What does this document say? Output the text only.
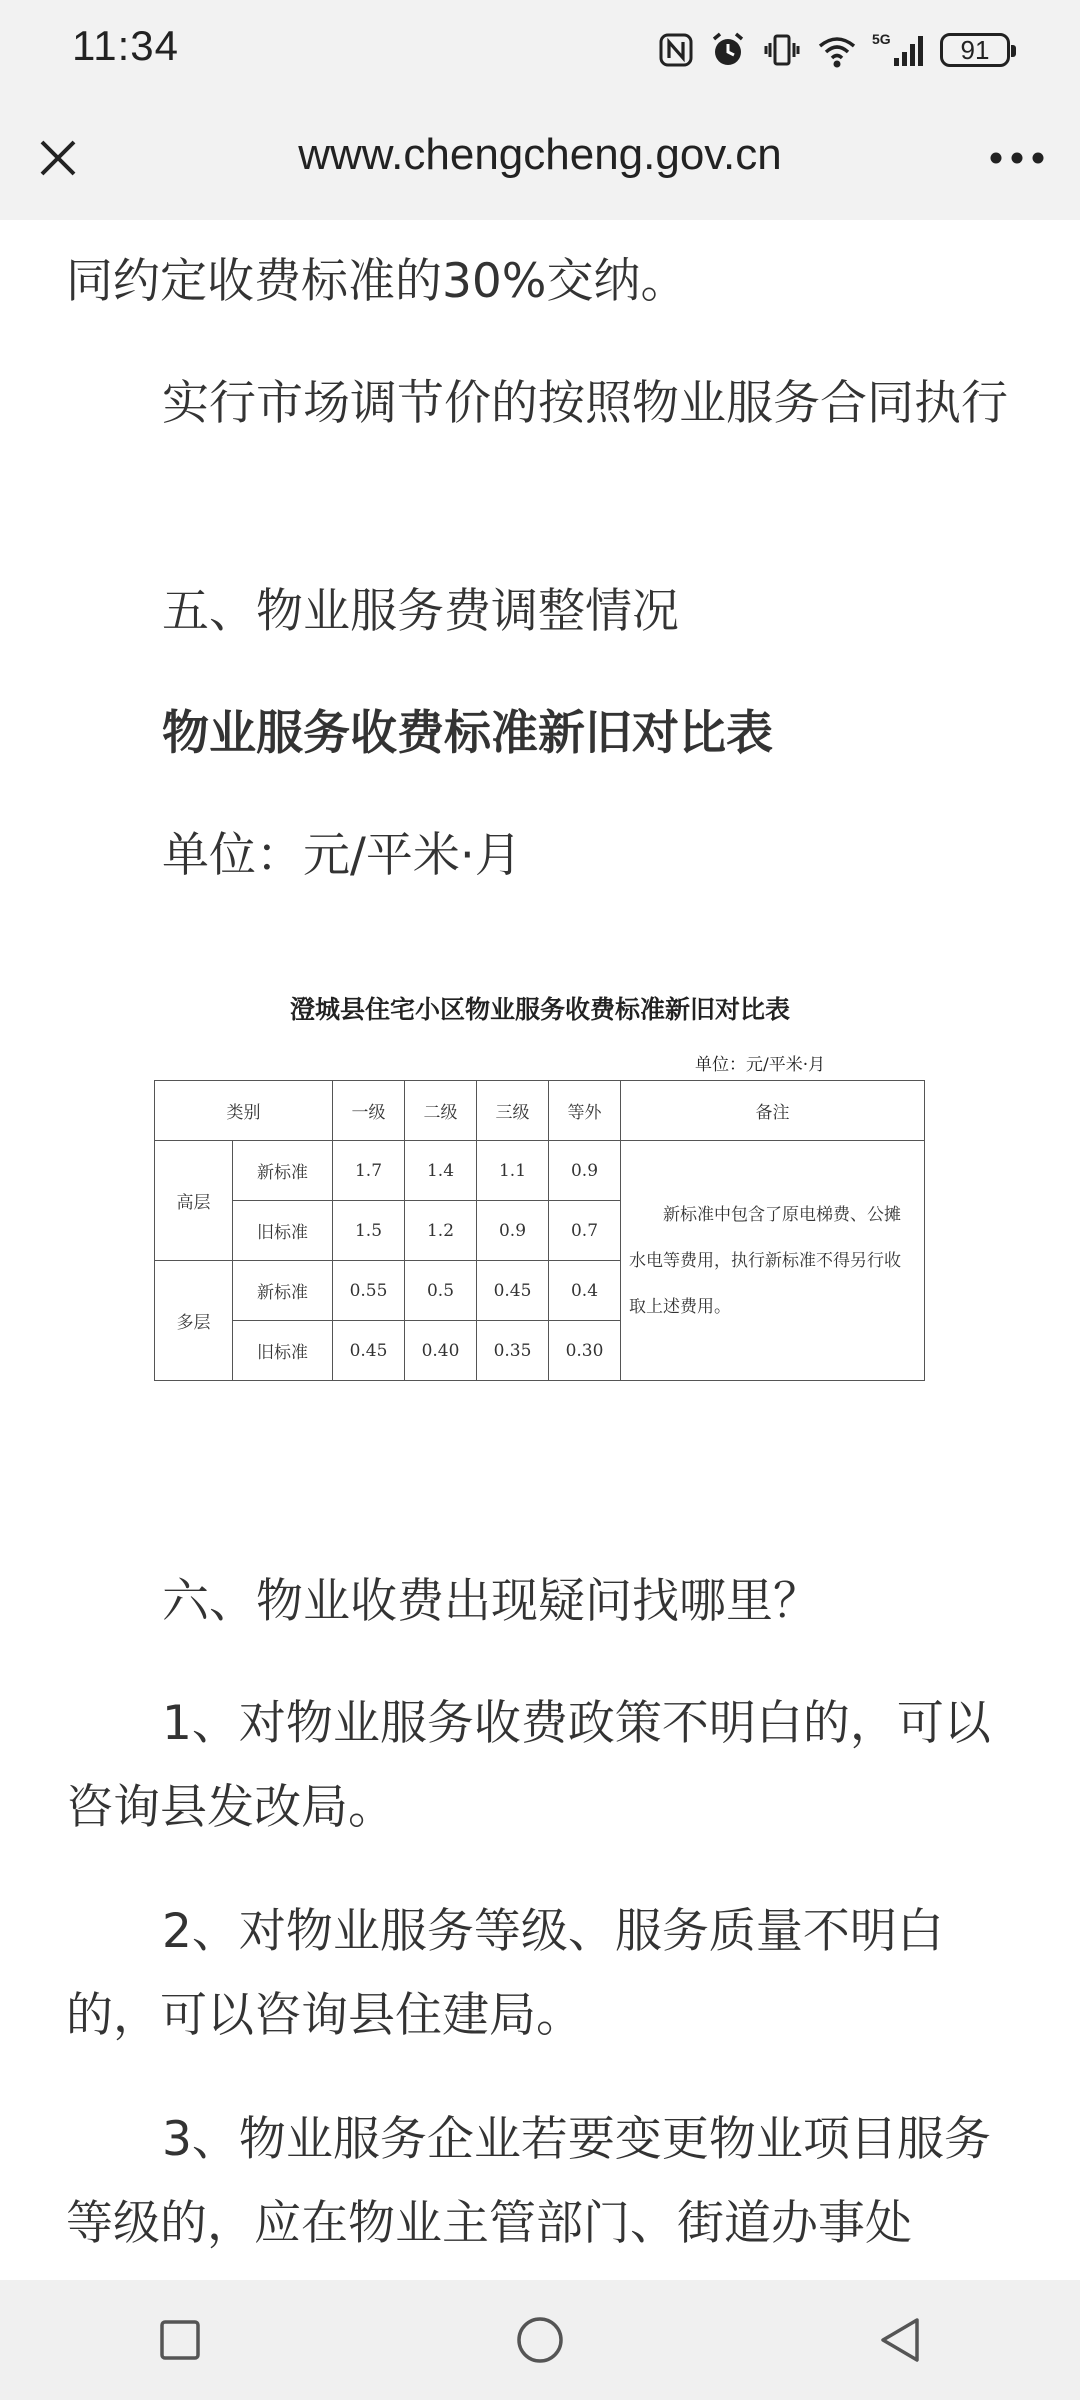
11:34	5G	91
www.chengcheng.gov.cn
同约定收费标准的30%交纳。
实行市场调节价的按照物业服务合同执行
五、物业服务费调整情况
物业服务收费标准新旧对比表
单位：元/平米·月
澄城县住宅小区物业服务收费标准新旧对比表
单位：元/平米·月
类别		一级	二级	三级	等外	备注
高层	新标准	1.7	1.4	1.1	0.9	新标准中包含了原电梯费、公摊水电等费用，执行新标准不得另行收取上述费用。

	旧标准	1.5	1.2	0.9	0.7	
多层	新标准	0.55	0.5	0.45	0.4	
	旧标准	0.45	0.40	0.35	0.30	
六、物业收费出现疑问找哪里？
1、对物业服务收费政策不明白的，可以咨询县发改局。
2、对物业服务等级、服务质量不明白的，可以咨询县住建局。
3、物业服务企业若要变更物业项目服务等级的，应在物业主管部门、街道办事处
